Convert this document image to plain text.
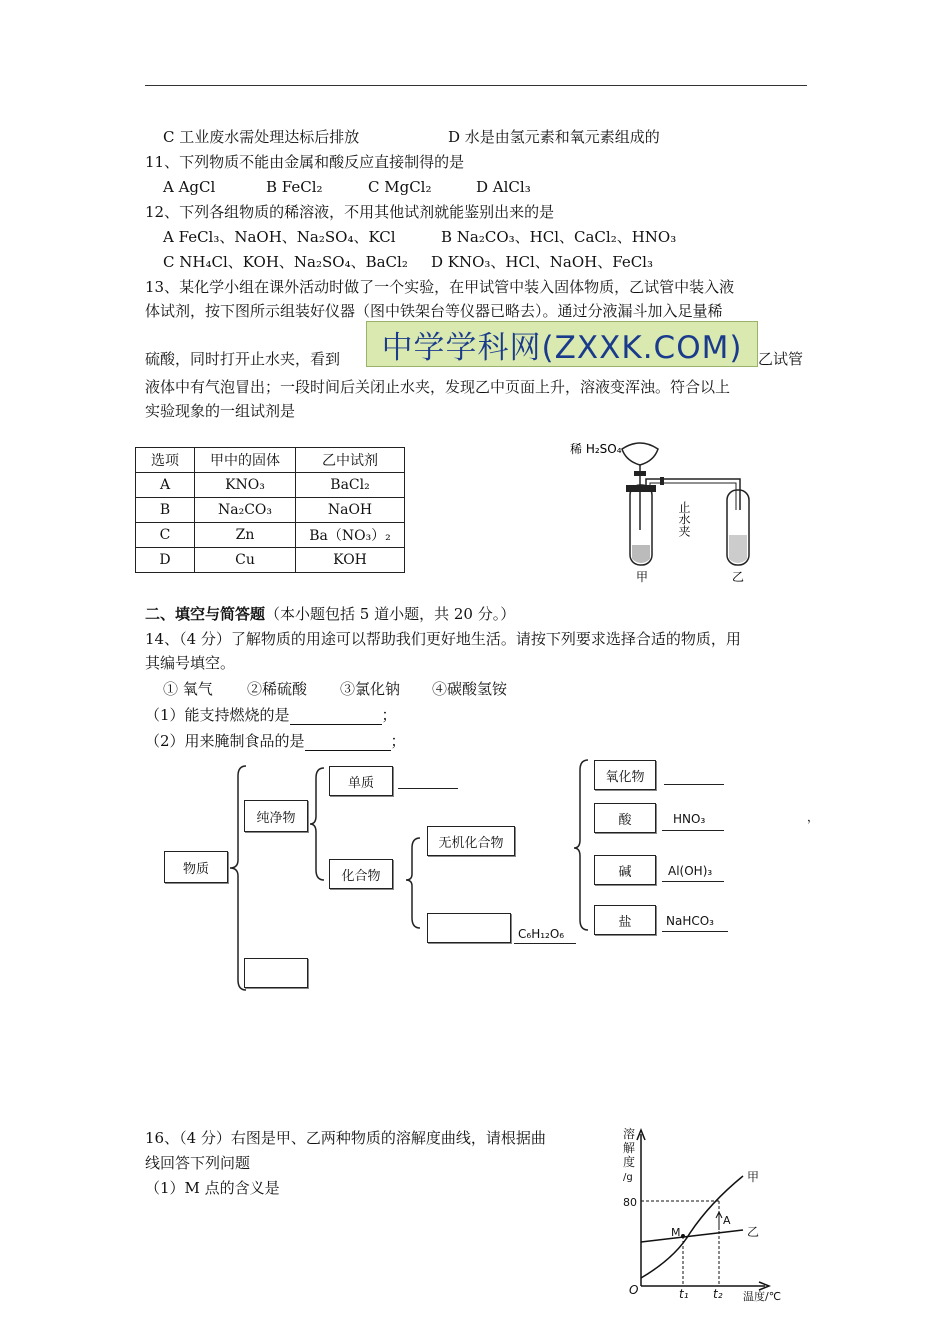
C 工业废水需处理达标后排放	D 水是由氢元素和氧元素组成的
11、下列物质不能由金属和酸反应直接制得的是
A AgCl	B FeCl₂	C MgCl₂	D AlCl₃
12、下列各组物质的稀溶液，不用其他试剂就能鉴别出来的是
A FeCl₃、NaOH、Na₂SO₄、KCl	B Na₂CO₃、HCl、CaCl₂、HNO₃
C NH₄Cl、KOH、Na₂SO₄、BaCl₂ D KNO₃、HCl、NaOH、FeCl₃
13、某化学小组在课外活动时做了一个实验，在甲试管中装入固体物质，乙试管中装入液
体试剂，按下图所示组装好仪器（图中铁架台等仪器已略去）。通过分液漏斗加入足量稀
硫酸，同时打开止水夹，看到 中学学科网(ZXXK.COM) 乙试管
液体中有气泡冒出；一段时间后关闭止水夹，发现乙中页面上升，溶液变浑浊。符合以上
实验现象的一组试剂是
选项	甲中的固体	乙中试剂
A	KNO₃	BaCl₂
B	Na₂CO₃	NaOH
C	Zn	Ba（NO₃）₂
D	Cu	KOH
稀 H₂SO₄
止水夹
甲	乙
二、填空与简答题（本小题包括 5 道小题，共 20 分。）
14、（4 分）了解物质的用途可以帮助我们更好地生活。请按下列要求选择合适的物质，用
其编号填空。
① 氧气 ②稀硫酸 ③氯化钠 ④碳酸氢铵
（1）能支持燃烧的是	；
（2）用来腌制食品的是	；
物质
纯净物
单质
化合物
无机化合物
C₆H₁₂O₆
氧化物
酸	HNO₃
碱	Al(OH)₃
盐	NaHCO₃
，
16、（4 分）右图是甲、乙两种物质的溶解度曲线，请根据曲
线回答下列问题
（1）M 点的含义是
溶
解
度
/g
80
O	t₁ t₂ 温度/℃
甲
乙
M
A
